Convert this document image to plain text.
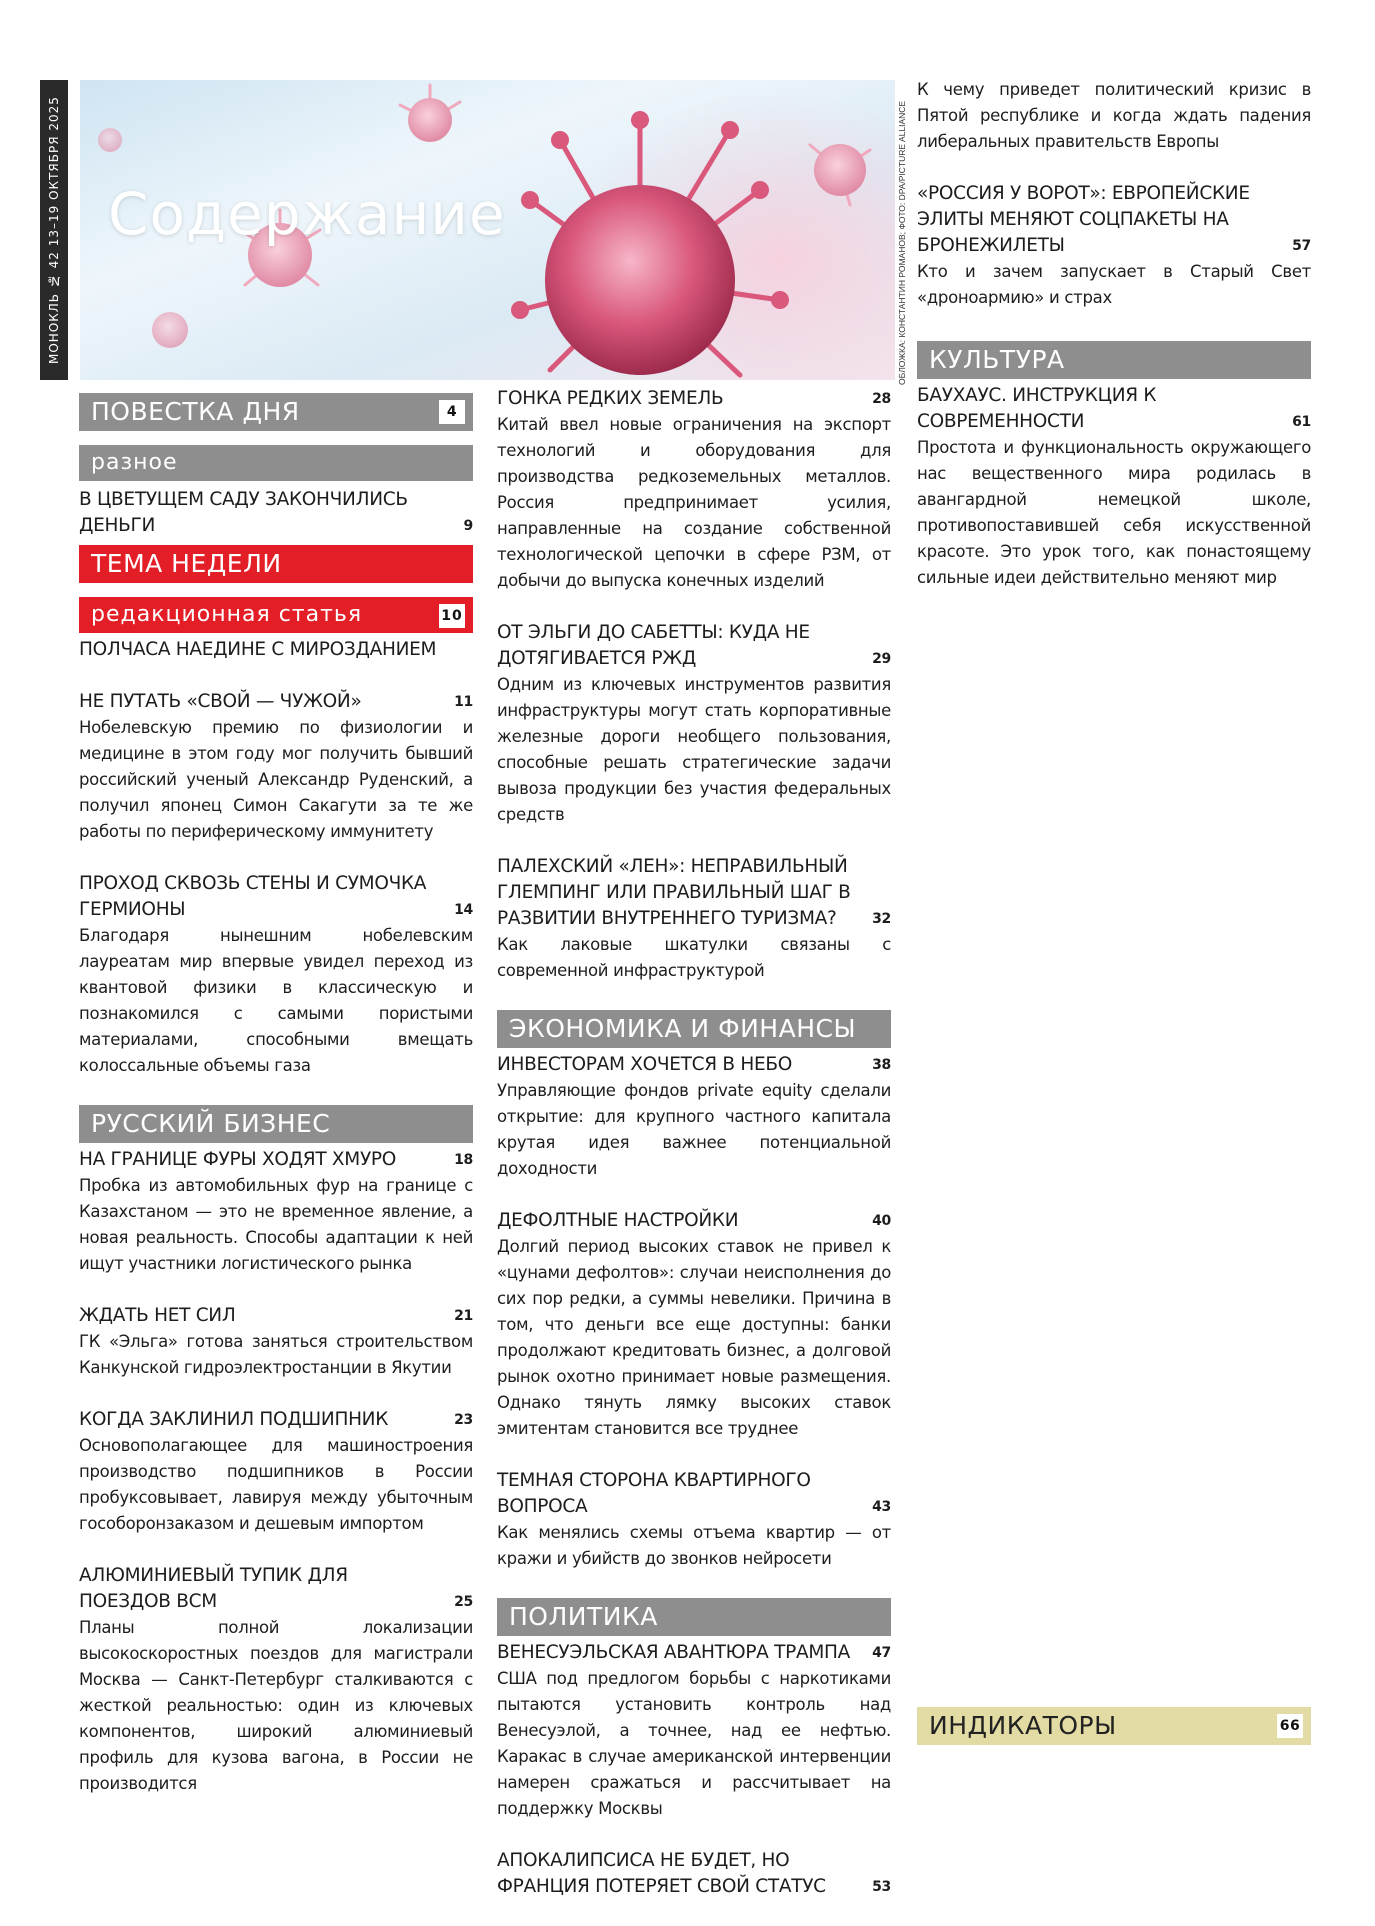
МОНОКЛЬ № 42 13–19 ОКТЯБРЯ 2025 Содержание	ОБЛОЖКА: КОНСТАНТИН РОМАНОВ; ФОТО: DPA/PICTURE ALLIANCE
ПОВЕСТКА ДНЯ	4
разное
В ЦВЕТУЩЕМ САДУ ЗАКОНЧИЛИСЬ ДЕНЬГИ	9
ТЕМА НЕДЕЛИ
редакционная статья	10
ПОЛЧАСА НАЕДИНЕ С МИРОЗДАНИЕМ
НЕ ПУТАТЬ «СВОЙ — ЧУЖОЙ»	11
Нобелевскую премию по физиологии и медицине в этом году мог получить бывший российский ученый Александр Руденский, а получил японец Симон Сакагути за те же работы по периферическому иммунитету
ПРОХОД СКВОЗЬ СТЕНЫ И СУМОЧКА ГЕРМИОНЫ	14
Благодаря нынешним нобелевским лауреатам мир впервые увидел переход из квантовой физики в классическую и познакомился с самыми пористыми материалами, способными вмещать колоссальные объемы газа
РУССКИЙ БИЗНЕС
НА ГРАНИЦЕ ФУРЫ ХОДЯТ ХМУРО	18
Пробка из автомобильных фур на границе с Казахстаном — это не временное явление, а новая реальность. Способы адаптации к ней ищут участники логистического рынка
ЖДАТЬ НЕТ СИЛ	21
ГК «Эльга» готова заняться строительством Канкунской гидроэлектростанции в Якутии
КОГДА ЗАКЛИНИЛ ПОДШИПНИК	23
Основополагающее для машиностроения производство подшипников в России пробуксовывает, лавируя между убыточным гособоронзаказом и дешевым импортом
АЛЮМИНИЕВЫЙ ТУПИК ДЛЯ ПОЕЗДОВ ВСМ	25
Планы полной локализации высокоскоростных поездов для магистрали Москва — Санкт-Петербург сталкиваются с жесткой реальностью: один из ключевых компонентов, широкий алюминиевый профиль для кузова вагона, в России не производится
ГОНКА РЕДКИХ ЗЕМЕЛЬ	28
Китай ввел новые ограничения на экспорт технологий и оборудования для производства редкоземельных металлов. Россия предпринимает усилия, направленные на создание собственной технологической цепочки в сфере РЗМ, от добычи до выпуска конечных изделий
ОТ ЭЛЬГИ ДО САБЕТТЫ: КУДА НЕ ДОТЯГИВАЕТСЯ РЖД	29
Одним из ключевых инструментов развития инфраструктуры могут стать корпоративные железные дороги необщего пользования, способные решать стратегические задачи вывоза продукции без участия федеральных средств
ПАЛЕХСКИЙ «ЛЕН»: НЕПРАВИЛЬНЫЙ ГЛЕМПИНГ ИЛИ ПРАВИЛЬНЫЙ ШАГ В РАЗВИТИИ ВНУТРЕННЕГО ТУРИЗМА?	32
Как лаковые шкатулки связаны с современной инфраструктурой
ЭКОНОМИКА И ФИНАНСЫ
ИНВЕСТОРАМ ХОЧЕТСЯ В НЕБО	38
Управляющие фондов private equity сделали открытие: для крупного частного капитала крутая идея важнее потенциальной доходности
ДЕФОЛТНЫЕ НАСТРОЙКИ	40
Долгий период высоких ставок не привел к «цунами дефолтов»: случаи неисполнения до сих пор редки, а суммы невелики. Причина в том, что деньги все еще доступны: банки продолжают кредитовать бизнес, а долговой рынок охотно принимает новые размещения. Однако тянуть лямку высоких ставок эмитентам становится все труднее
ТЕМНАЯ СТОРОНА КВАРТИРНОГО ВОПРОСА	43
Как менялись схемы отъема квартир — от кражи и убийств до звонков нейросети
ПОЛИТИКА
ВЕНЕСУЭЛЬСКАЯ АВАНТЮРА ТРАМПА 47
США под предлогом борьбы с наркотиками пытаются установить контроль над Венесуэлой, а точнее, над ее нефтью. Каракас в случае американской интервенции намерен сражаться и рассчитывает на поддержку Москвы
АПОКАЛИПСИСА НЕ БУДЕТ, НО ФРАНЦИЯ ПОТЕРЯЕТ СВОЙ СТАТУС	53
К чему приведет политический кризис в Пятой республике и когда ждать падения либеральных правительств Европы
«РОССИЯ У ВОРОТ»: ЕВРОПЕЙСКИЕ ЭЛИТЫ МЕНЯЮТ СОЦПАКЕТЫ НА БРОНЕЖИЛЕТЫ	57
Кто и зачем запускает в Старый Свет «дроноармию» и страх
КУЛЬТУРА
БАУХАУС. ИНСТРУКЦИЯ К СОВРЕМЕННОСТИ	61
Простота и функциональность окружающего нас вещественного мира родилась в авангардной немецкой школе, противопоставившей себя искусственной красоте. Это урок того, как понастоящему сильные идеи действительно меняют мир
ИНДИКАТОРЫ	66
